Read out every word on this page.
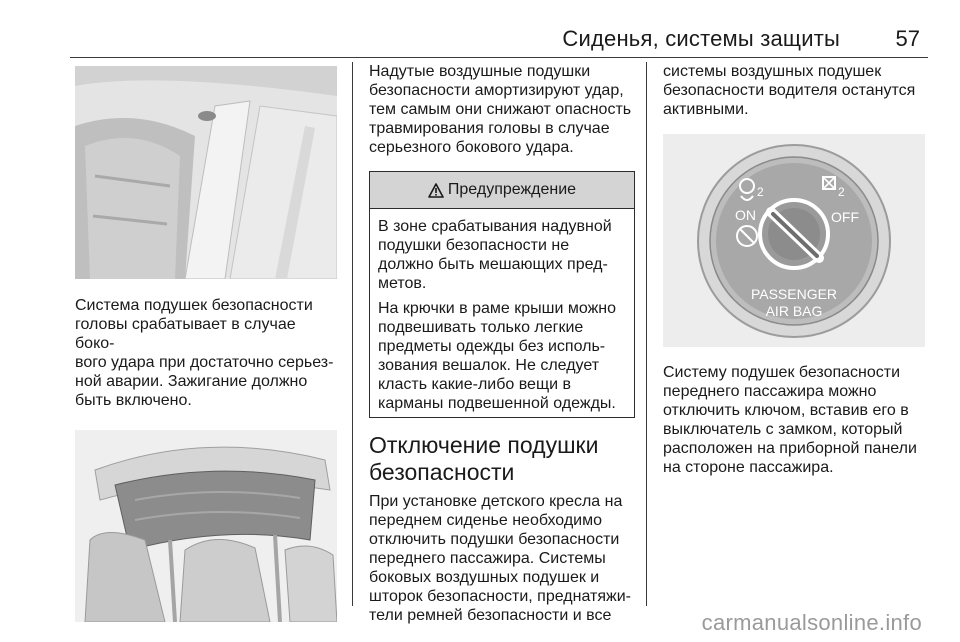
Сиденья, системы защиты	57

Система подушек безопасности

головы срабатывает в случае боко-

вого удара при достаточно серьез-

ной аварии. Зажигание должно

быть включено.

Надутые воздушные подушки

безопасности амортизируют удар,

тем самым они снижают опасность

травмирования головы в случае

серьезного бокового удара.

Предупреждение

В зоне срабатывания надувной

подушки безопасности не

должно быть мешающих пред-

метов.

На крючки в раме крыши можно

подвешивать только легкие

предметы одежды без исполь-

зования вешалок. Не следует

класть какие-либо вещи в

карманы подвешенной одежды.

Отключение подушки
безопасности

При установке детского кресла на

переднем сиденье необходимо

отключить подушки безопасности

переднего пассажира. Системы

боковых воздушных подушек и

шторок безопасности, преднатяжи-

тели ремней безопасности и все

системы воздушных подушек

безопасности водителя останутся

активными.

2	2
ON	OFF
PASSENGER
AIR BAG

Систему подушек безопасности

переднего пассажира можно

отключить ключом, вставив его в

выключатель с замком, который

расположен на приборной панели

на стороне пассажира.

carmanualsonline.info
